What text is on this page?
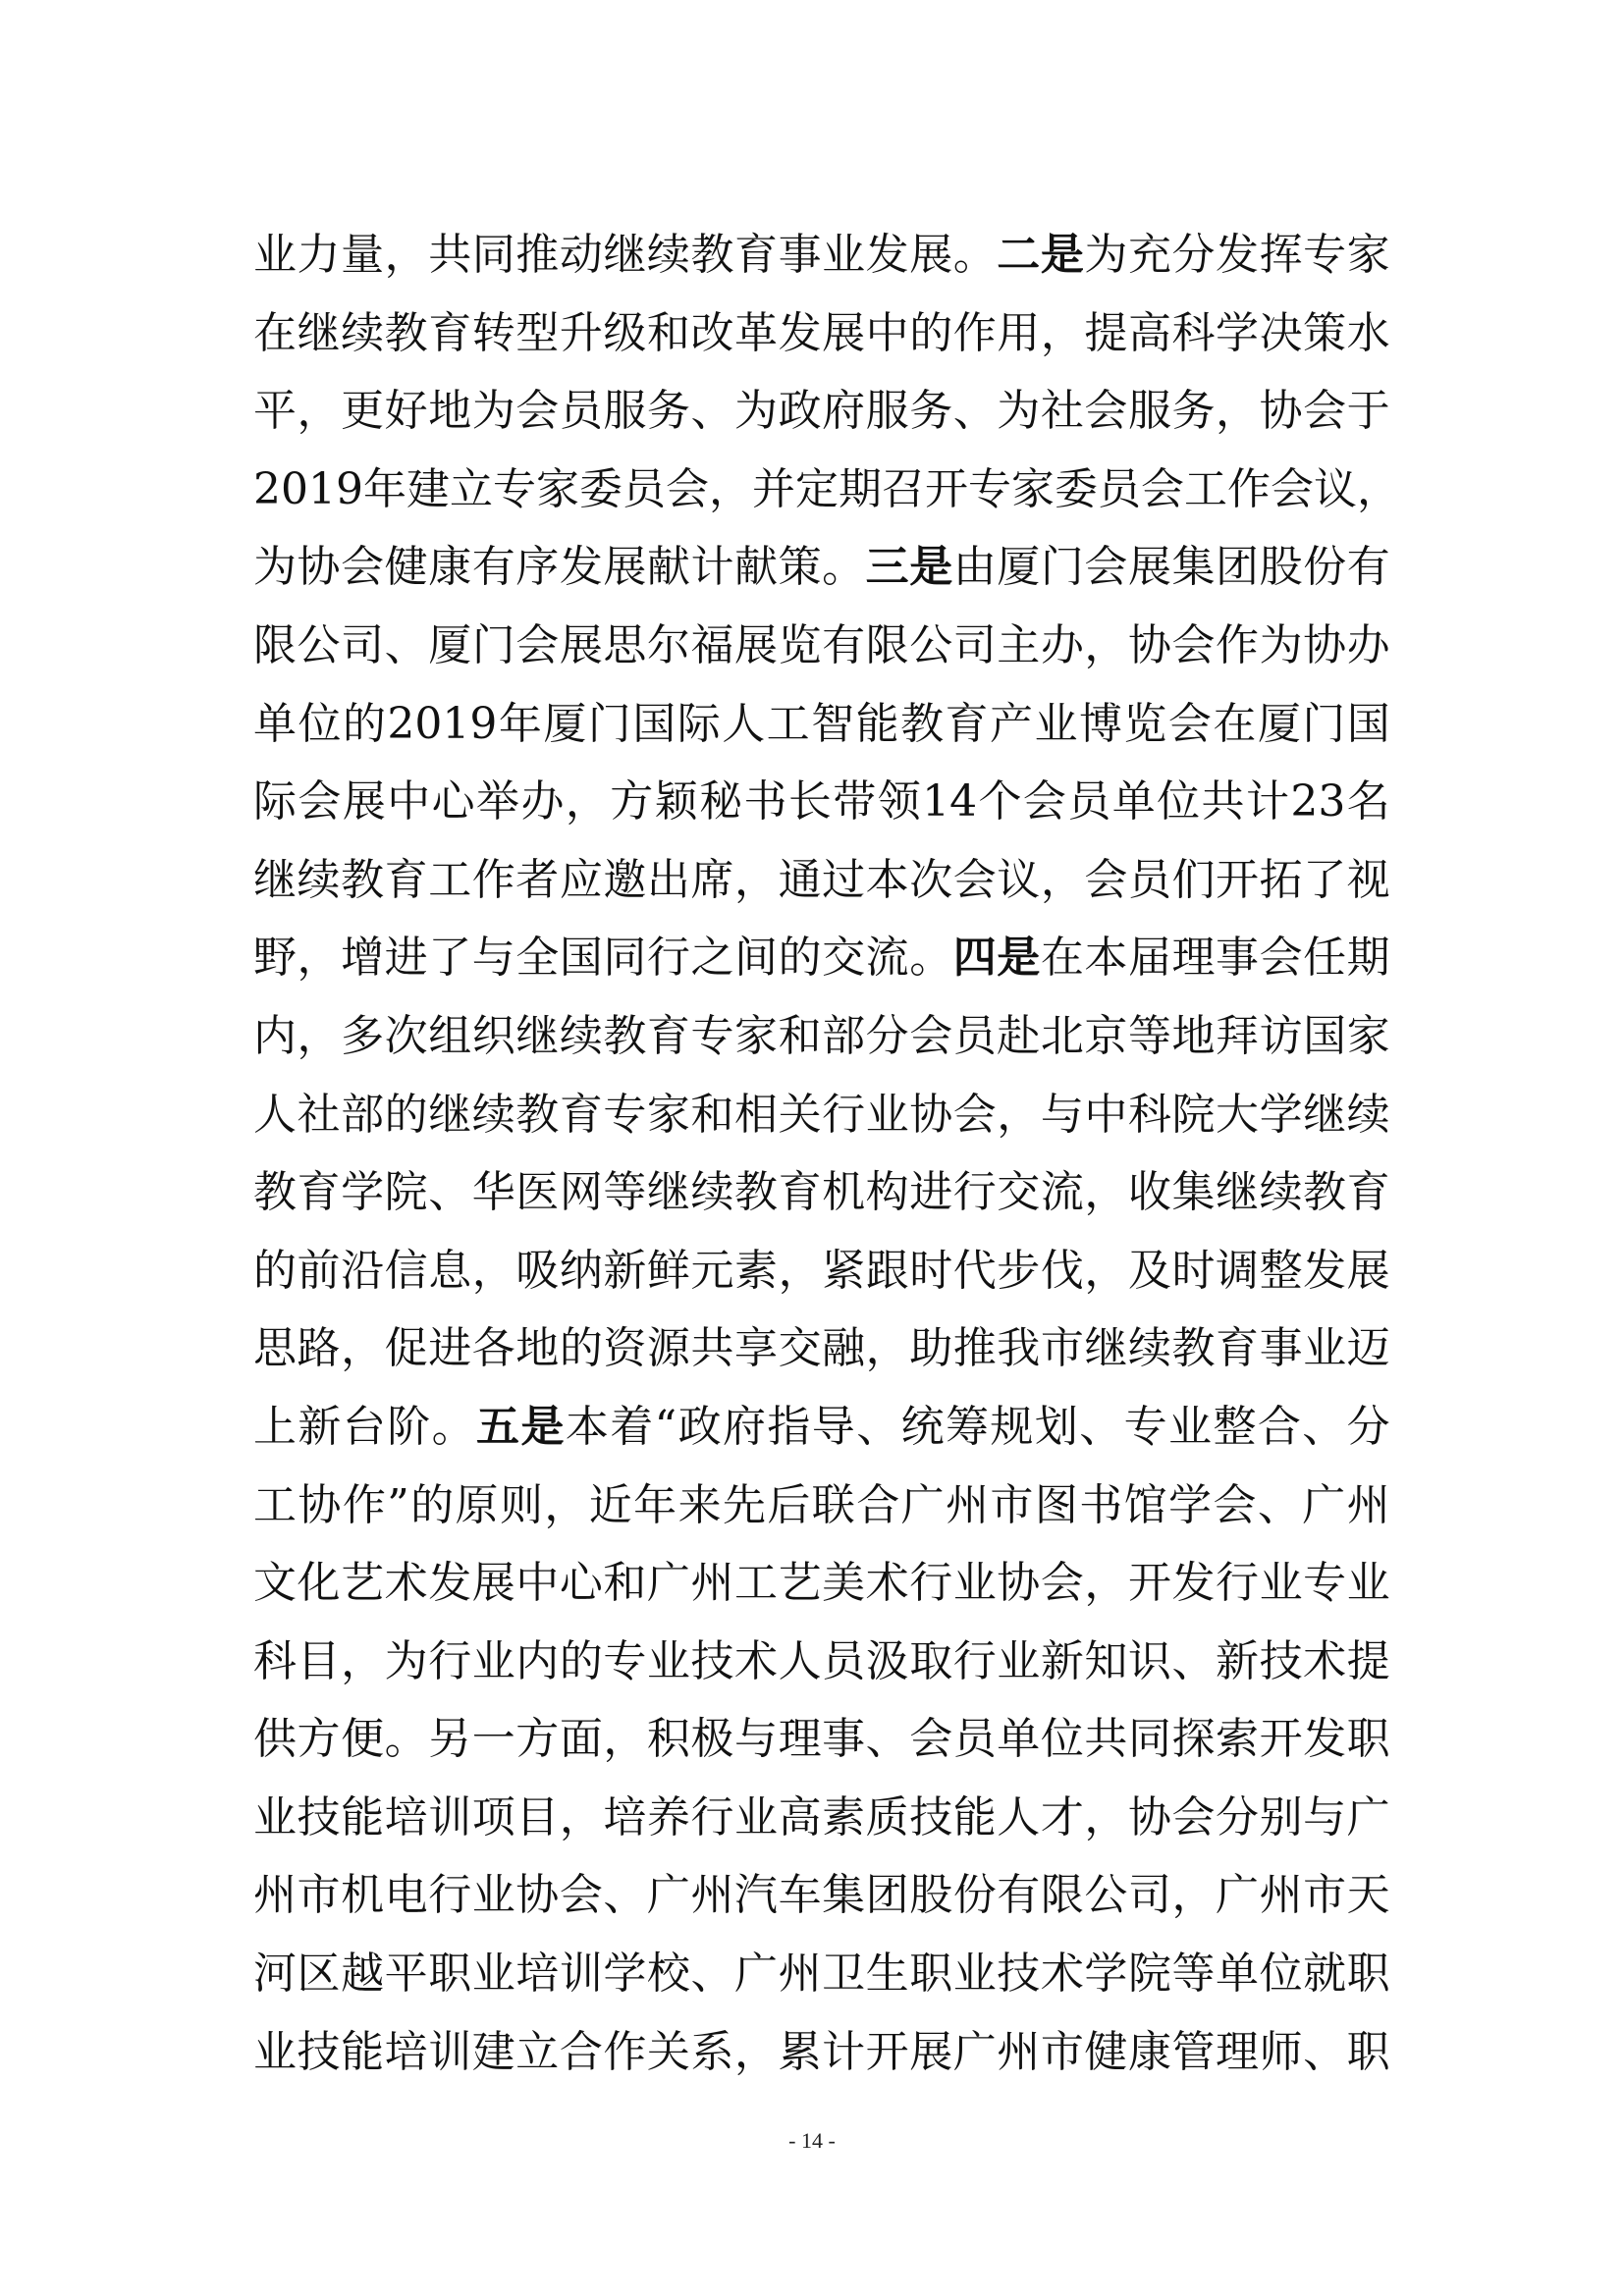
业 力 量 ， 共 同 推 动 继 续 教 育 事 业 发 展 。 二 是 为 充 分 发 挥 专 家
在 继 续 教 育 转 型 升 级 和 改 革 发 展 中 的 作 用 ， 提 高 科 学 决 策 水
平 ， 更 好 地 为 会 员 服 务 、 为 政 府 服 务 、 为 社 会 服 务 ， 协 会 于
2019 年 建 立 专 家 委 员 会 ， 并 定 期 召 开 专 家 委 员 会 工 作 会 议 ，
为 协 会 健 康 有 序 发 展 献 计 献 策 。 三 是 由 厦 门 会 展 集 团 股 份 有
限 公 司 、 厦 门 会 展 思 尔 福 展 览 有 限 公 司 主 办 ， 协 会 作 为 协 办
单 位 的 2019 年 厦 门 国 际 人 工 智 能 教 育 产 业 博 览 会 在 厦 门 国
际 会 展 中 心 举 办 ， 方 颖 秘 书 长 带 领 14 个 会 员 单 位 共 计 23 名
继 续 教 育 工 作 者 应 邀 出 席 ， 通 过 本 次 会 议 ， 会 员 们 开 拓 了 视
野 ， 增 进 了 与 全 国 同 行 之 间 的 交 流 。 四 是 在 本 届 理 事 会 任 期
内 ， 多 次 组 织 继 续 教 育 专 家 和 部 分 会 员 赴 北 京 等 地 拜 访 国 家
人 社 部 的 继 续 教 育 专 家 和 相 关 行 业 协 会 ， 与 中 科 院 大 学 继 续
教 育 学 院 、 华 医 网 等 继 续 教 育 机 构 进 行 交 流 ， 收 集 继 续 教 育
的 前 沿 信 息 ， 吸 纳 新 鲜 元 素 ， 紧 跟 时 代 步 伐 ， 及 时 调 整 发 展
思 路 ， 促 进 各 地 的 资 源 共 享 交 融 ， 助 推 我 市 继 续 教 育 事 业 迈
上 新 台 阶 。 五 是 本 着 “ 政 府 指 导 、 统 筹 规 划 、 专 业 整 合 、 分
工 协 作 ” 的 原 则 ， 近 年 来 先 后 联 合 广 州 市 图 书 馆 学 会 、 广 州
文 化 艺 术 发 展 中 心 和 广 州 工 艺 美 术 行 业 协 会 ， 开 发 行 业 专 业
科 目 ， 为 行 业 内 的 专 业 技 术 人 员 汲 取 行 业 新 知 识 、 新 技 术 提
供 方 便 。 另 一 方 面 ， 积 极 与 理 事 、 会 员 单 位 共 同 探 索 开 发 职
业 技 能 培 训 项 目 ， 培 养 行 业 高 素 质 技 能 人 才 ， 协 会 分 别 与 广
州 市 机 电 行 业 协 会 、 广 州 汽 车 集 团 股 份 有 限 公 司 ， 广 州 市 天
河 区 越 平 职 业 培 训 学 校 、 广 州 卫 生 职 业 技 术 学 院 等 单 位 就 职
业 技 能 培 训 建 立 合 作 关 系 ， 累 计 开 展 广 州 市 健 康 管 理 师 、 职
- 14 -
